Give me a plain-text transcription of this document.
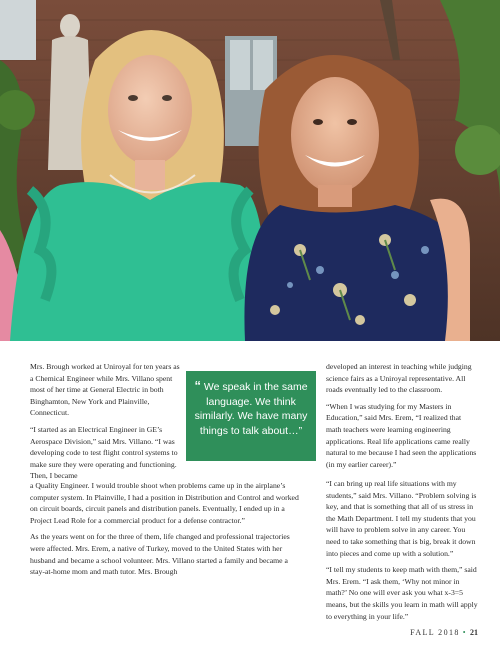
Mrs. Brough worked at Uniroyal for ten years as a Chemical Engineer while Mrs. Villano spent most of her time at General Electric in both Binghamton, New York and Plainville, Connecticut.

“I started as an Electrical Engineer in GE’s Aerospace Division,” said Mrs. Villano. “I was developing code to test flight control systems to make sure they were operating and functioning. Then, I became

“ We speak in the same language. We think similarly. We have many things to talk about…”

developed an interest in teaching while judging science fairs as a Uniroyal representative. All roads eventually led to the classroom.

“When I was studying for my Masters in Education,” said Mrs. Erem, “I realized that math teachers were learning engineering applications. Real life applications came really natural to me because I had seen the applications (in my earlier career).”

a Quality Engineer. I would trouble shoot when problems came up in the airplane’s computer system. In Plainville, I had a position in Distribution and Control and worked on circuit boards, circuit panels and distribution panels. Eventually, I ended up in a Project Lead Role for a commercial product for a defense contractor.”

As the years went on for the three of them, life changed and professional trajectories were affected. Mrs. Erem, a native of Turkey, moved to the United States with her husband and became a school volunteer. Mrs. Villano started a family and became a stay-at-home mom and math tutor. Mrs. Brough

“I can bring up real life situations with my students,” said Mrs. Villano. “Problem solving is key, and that is something that all of us stress in the Math Department. I tell my students that you will have to problem solve in any career. You need to take something that is big, break it down into pieces and come up with a solution.”

“I tell my students to keep math with them,” said Mrs. Erem. “I ask them, ‘Why not minor in math?’ No one will ever ask you what x-3=5 means, but the skills you learn in math will apply to everything in your life.”

FALL 2018 • 21
